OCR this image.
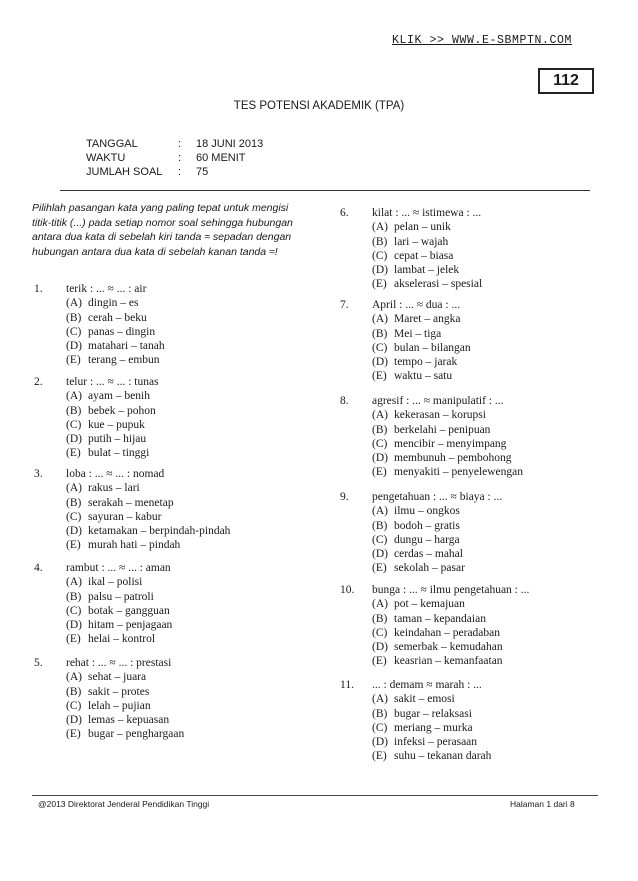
KLIK >> WWW.E-SBMPTN.COM
112
TES POTENSI AKADEMIK (TPA)
TANGGAL	: 18 JUNI 2013
WAKTU	: 60 MENIT
JUMLAH SOAL : 75
Pilihlah pasangan kata yang paling tepat untuk mengisi titik-titik (...) pada setiap nomor soal sehingga hubungan antara dua kata di sebelah kiri tanda ≈ sepadan dengan hubungan antara dua kata di sebelah kanan tanda ≈!
1. terik : ... ≈ ... : air
(A) dingin – es
(B) cerah – beku
(C) panas – dingin
(D) matahari – tanah
(E) terang – embun
2. telur : ... ≈ ... : tunas
(A) ayam – benih
(B) bebek – pohon
(C) kue – pupuk
(D) putih – hijau
(E) bulat – tinggi
3. loba : ... ≈ ... : nomad
(A) rakus – lari
(B) serakah – menetap
(C) sayuran – kabur
(D) ketamakan – berpindah-pindah
(E) murah hati – pindah
4. rambut : ... ≈ ... : aman
(A) ikal – polisi
(B) palsu – patroli
(C) botak – gangguan
(D) hitam – penjagaan
(E) helai – kontrol
5. rehat : ... ≈ ... : prestasi
(A) sehat – juara
(B) sakit – protes
(C) lelah – pujian
(D) lemas – kepuasan
(E) bugar – penghargaan
6. kilat : ... ≈ istimewa : ...
(A) pelan – unik
(B) lari – wajah
(C) cepat – biasa
(D) lambat – jelek
(E) akselerasi – spesial
7. April : ... ≈ dua : ...
(A) Maret – angka
(B) Mei – tiga
(C) bulan – bilangan
(D) tempo – jarak
(E) waktu – satu
8. agresif : ... ≈ manipulatif : ...
(A) kekerasan – korupsi
(B) berkelahi – penipuan
(C) mencibir – menyimpang
(D) membunuh – pembohong
(E) menyakiti – penyelewengan
9. pengetahuan : ... ≈ biaya : ...
(A) ilmu – ongkos
(B) bodoh – gratis
(C) dungu – harga
(D) cerdas – mahal
(E) sekolah – pasar
10. bunga : ... ≈ ilmu pengetahuan : ...
(A) pot – kemajuan
(B) taman – kepandaian
(C) keindahan – peradaban
(D) semerbak – kemudahan
(E) keasrian – kemanfaatan
11. ... : demam ≈ marah : ...
(A) sakit – emosi
(B) bugar – relaksasi
(C) meriang – murka
(D) infeksi – perasaan
(E) suhu – tekanan darah
@2013 Direktorat Jenderal Pendidikan Tinggi	Halaman 1 dari 8
